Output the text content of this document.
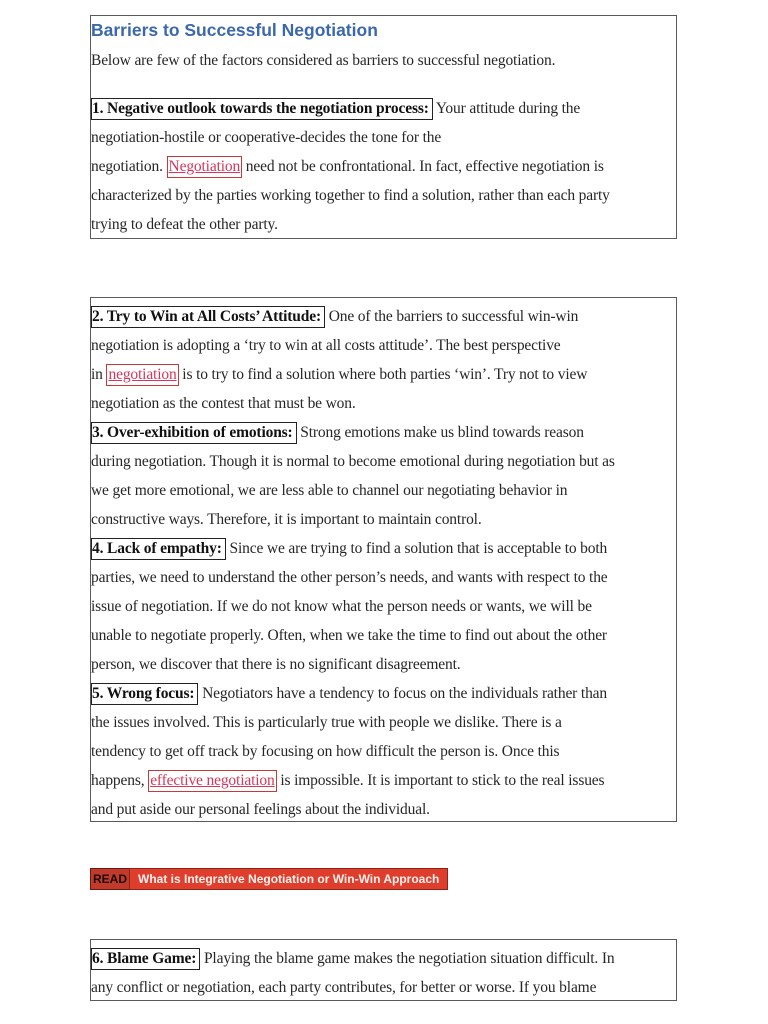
Barriers to Successful Negotiation

Below are few of the factors considered as barriers to successful negotiation.

1. Negative outlook towards the negotiation process: Your attitude during the
negotiation-hostile or cooperative-decides the tone for the
negotiation. Negotiation need not be confrontational. In fact, effective negotiation is
characterized by the parties working together to find a solution, rather than each party
trying to defeat the other party.

2. Try to Win at All Costs’ Attitude: One of the barriers to successful win-win
negotiation is adopting a ‘try to win at all costs attitude’. The best perspective
in negotiation is to try to find a solution where both parties ‘win’. Try not to view
negotiation as the contest that must be won.

3. Over-exhibition of emotions: Strong emotions make us blind towards reason
during negotiation. Though it is normal to become emotional during negotiation but as
we get more emotional, we are less able to channel our negotiating behavior in
constructive ways. Therefore, it is important to maintain control.

4. Lack of empathy: Since we are trying to find a solution that is acceptable to both
parties, we need to understand the other person’s needs, and wants with respect to the
issue of negotiation. If we do not know what the person needs or wants, we will be
unable to negotiate properly. Often, when we take the time to find out about the other
person, we discover that there is no significant disagreement.

5. Wrong focus: Negotiators have a tendency to focus on the individuals rather than
the issues involved. This is particularly true with people we dislike. There is a
tendency to get off track by focusing on how difficult the person is. Once this
happens, effective negotiation is impossible. It is important to stick to the real issues
and put aside our personal feelings about the individual.

READ What is Integrative Negotiation or Win-Win Approach

6. Blame Game: Playing the blame game makes the negotiation situation difficult. In
any conflict or negotiation, each party contributes, for better or worse. If you blame
